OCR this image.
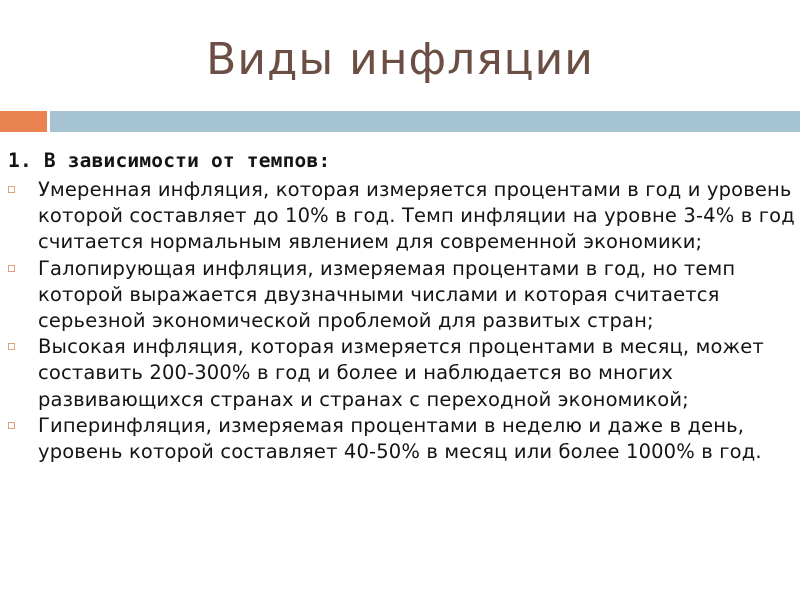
Виды инфляции
1. В зависимости от темпов:
Умеренная инфляция, которая измеряется процентами в год и уровень которой составляет до 10% в год. Темп инфляции на уровне 3-4% в год считается нормальным явлением для современной экономики;
Галопирующая инфляция, измеряемая процентами в год, но темп которой выражается двузначными числами и которая считается серьезной экономической проблемой для развитых стран;
Высокая инфляция, которая измеряется процентами в месяц, может составить 200-300% в год и более и наблюдается во многих развивающихся странах и странах с переходной экономикой;
Гиперинфляция, измеряемая процентами в неделю и даже в день, уровень которой составляет 40-50% в месяц или более 1000% в год.
